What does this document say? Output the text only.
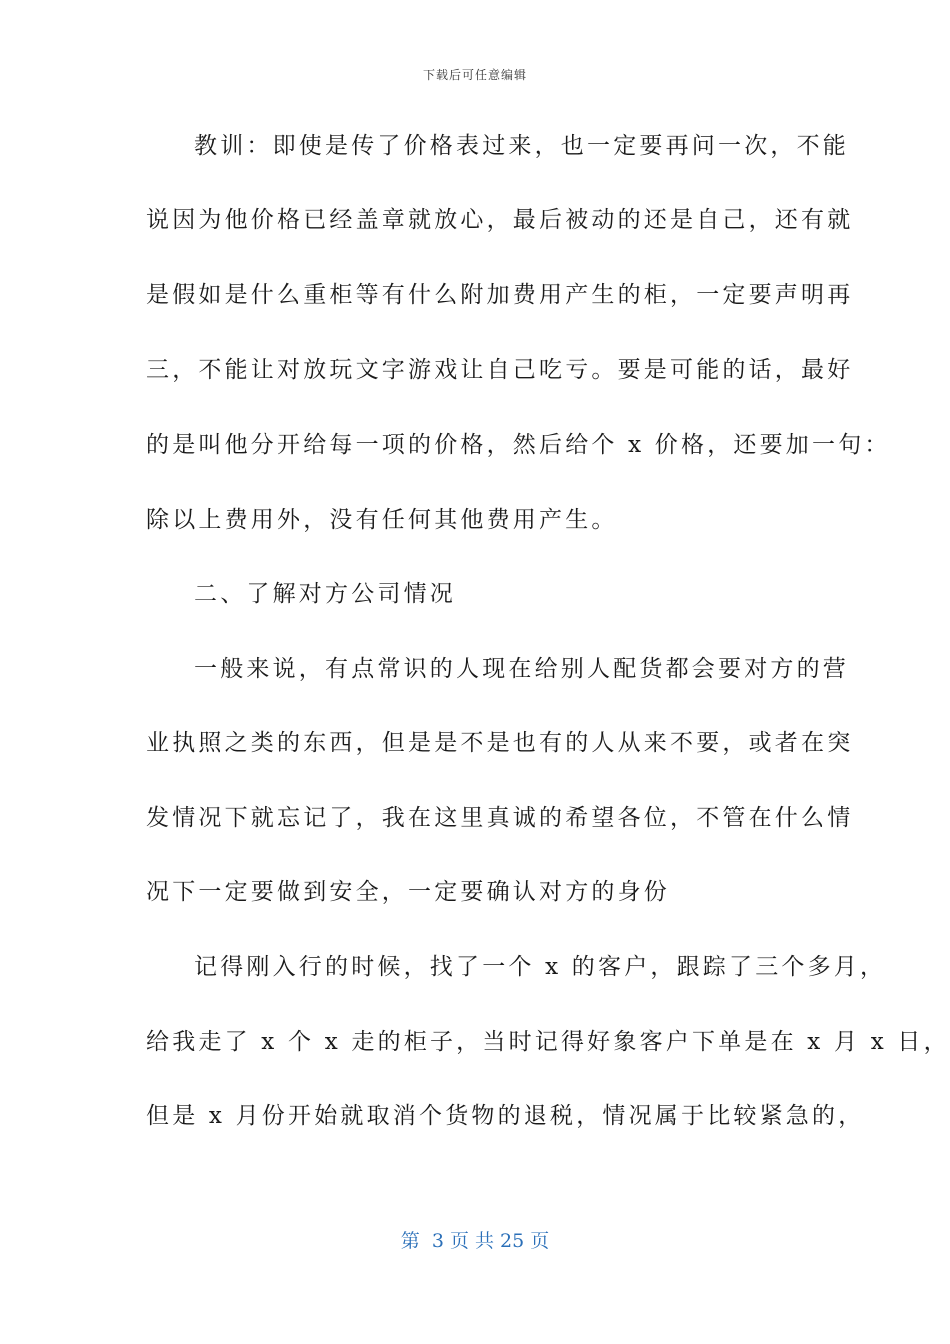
下载后可任意编辑
教训：即使是传了价格表过来，也一定要再问一次，不能
说因为他价格已经盖章就放心，最后被动的还是自己，还有就
是假如是什么重柜等有什么附加费用产生的柜，一定要声明再
三，不能让对放玩文字游戏让自己吃亏。要是可能的话，最好
的是叫他分开给每一项的价格，然后给个 x 价格，还要加一句：
除以上费用外，没有任何其他费用产生。
二、了解对方公司情况
一般来说，有点常识的人现在给别人配货都会要对方的营
业执照之类的东西，但是是不是也有的人从来不要，或者在突
发情况下就忘记了，我在这里真诚的希望各位，不管在什么情
况下一定要做到安全，一定要确认对方的身份
记得刚入行的时候，找了一个 x 的客户，跟踪了三个多月，
给我走了 x 个 x 走的柜子，当时记得好象客户下单是在 x 月 x 日，
但是 x 月份开始就取消个货物的退税，情况属于比较紧急的，
第  3 页 共 25 页
